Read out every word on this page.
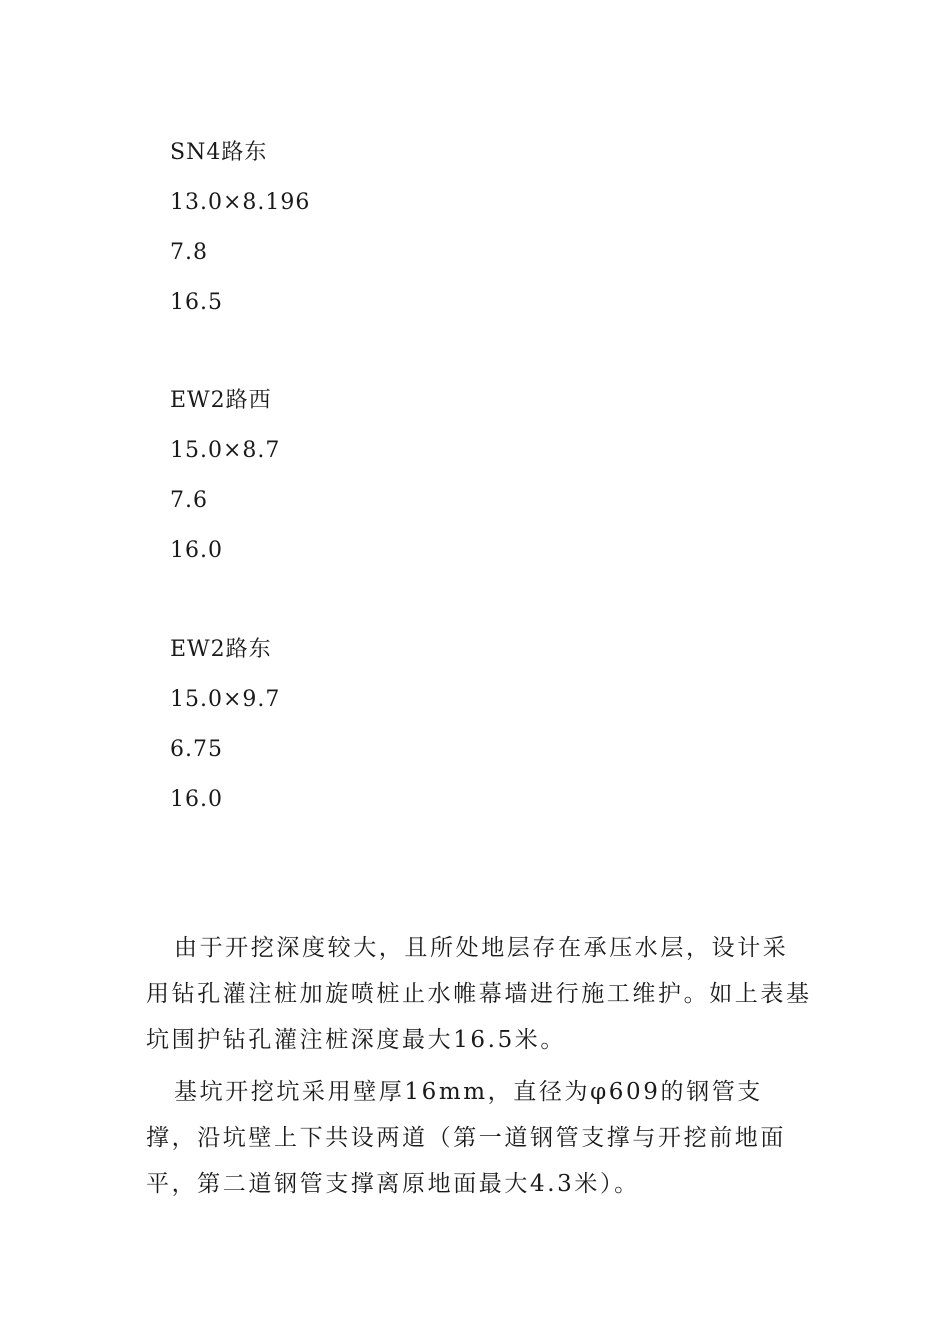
SN4路东
13.0×8.196
7.8
16.5
EW2路西
15.0×8.7
7.6
16.0
EW2路东
15.0×9.7
6.75
16.0

由于开挖深度较大，且所处地层存在承压水层，设计采用钻孔灌注桩加旋喷桩止水帷幕墙进行施工维护。如上表基坑围护钻孔灌注桩深度最大16.5米。

基坑开挖坑采用壁厚16mm，直径为φ609的钢管支撑，沿坑壁上下共设两道（第一道钢管支撑与开挖前地面平，第二道钢管支撑离原地面最大4.3米）。
